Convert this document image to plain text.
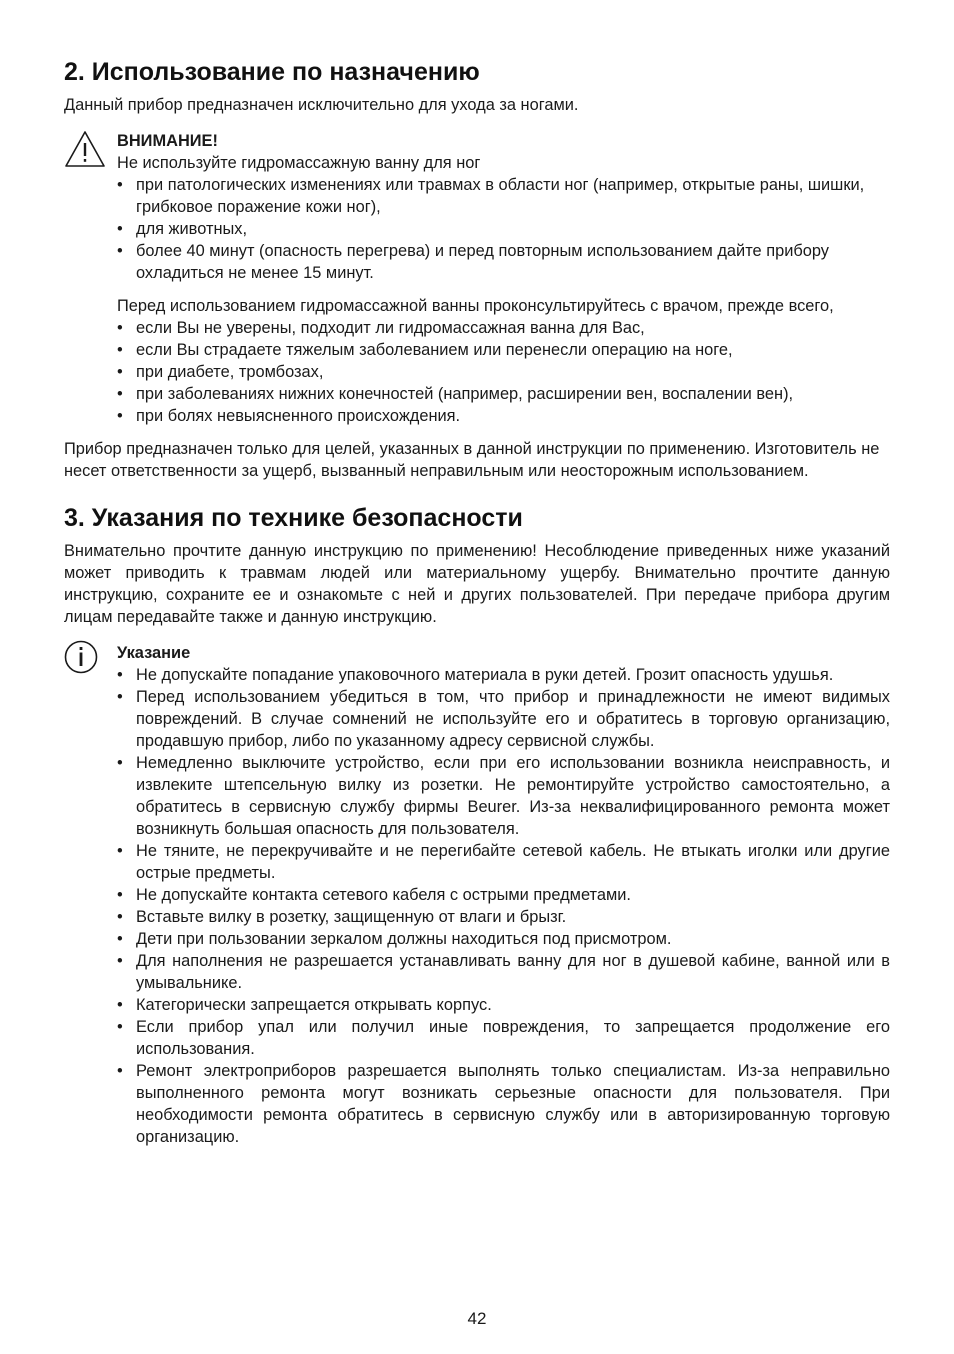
2. Использование по назначению

Данный прибор предназначен исключительно для ухода за ногами.

ВНИМАНИЕ!

Не используйте гидромассажную ванну для ног

• при патологических изменениях или травмах в области ног (например, открытые раны, шишки, грибковое поражение кожи ног),
• для животных,
• более 40 минут (опасность перегрева) и перед повторным использованием дайте прибору охладиться не менее 15 минут.

Перед использованием гидромассажной ванны проконсультируйтесь с врачом, прежде всего,

• если Вы не уверены, подходит ли гидромассажная ванна для Вас,
• если Вы страдаете тяжелым заболеванием или перенесли операцию на ноге,
• при диабете, тромбозах,
• при заболеваниях нижних конечностей (например, расширении вен, воспалении вен),
• при болях невыясненного происхождения.

Прибор предназначен только для целей, указанных в данной инструкции по применению. Изготовитель не несет ответственности за ущерб, вызванный неправильным или неосторожным использованием.

3. Указания по технике безопасности

Внимательно прочтите данную инструкцию по применению! Несоблюдение приведенных ниже указаний может приводить к травмам людей или материальному ущербу. Внимательно прочтите данную инструкцию, сохраните ее и ознакомьте с ней и других пользователей. При передаче прибора другим лицам передавайте также и данную инструкцию.

Указание

• Не допускайте попадание упаковочного материала в руки детей. Грозит опасность удушья.
• Перед использованием убедиться в том, что прибор и принадлежности не имеют видимых повреждений. В случае сомнений не используйте его и обратитесь в торговую организацию, продавшую прибор, либо по указанному адресу сервисной службы.
• Немедленно выключите устройство, если при его использовании возникла неисправность, и извлеките штепсельную вилку из розетки. Не ремонтируйте устройство самостоятельно, а обратитесь в сервисную службу фирмы Beurer. Из-за неквалифицированного ремонта может возникнуть большая опасность для пользователя.
• Не тяните, не перекручивайте и не перегибайте сетевой кабель. Не втыкать иголки или другие острые предметы.
• Не допускайте контакта сетевого кабеля с острыми предметами.
• Вставьте вилку в розетку, защищенную от влаги и брызг.
• Дети при пользовании зеркалом должны находиться под присмотром.
• Для наполнения не разрешается устанавливать ванну для ног в душевой кабине, ванной или в умывальнике.
• Категорически запрещается открывать корпус.
• Если прибор упал или получил иные повреждения, то запрещается продолжение его использования.
• Ремонт электроприборов разрешается выполнять только специалистам. Из-за неправильно выполненного ремонта могут возникать серьезные опасности для пользователя. При необходимости ремонта обратитесь в сервисную службу или в авторизированную торговую организацию.
42
